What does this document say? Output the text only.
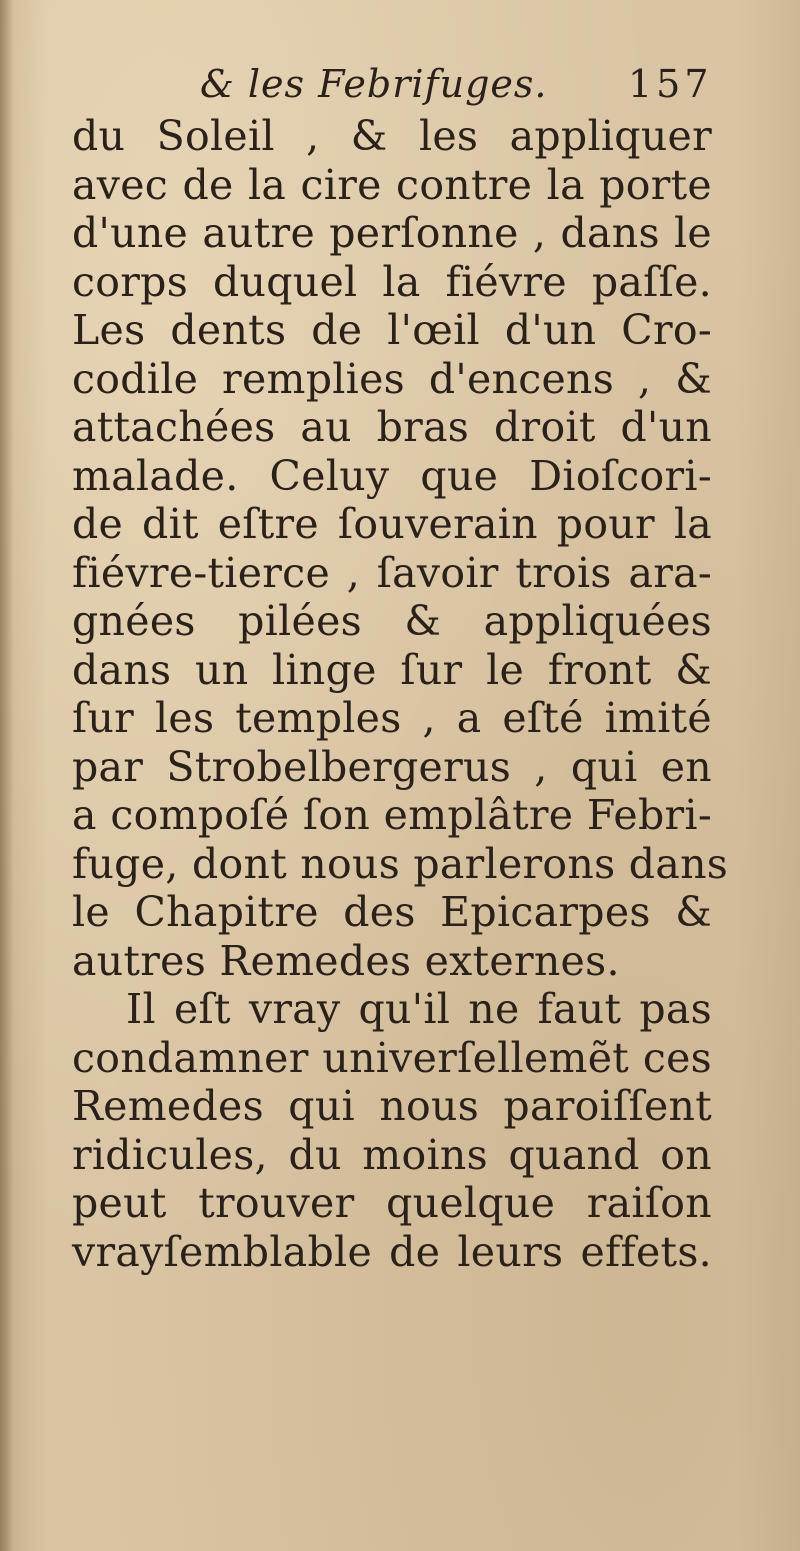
& les Febrifuges. 157
du Soleil , & les appliquer
avec de la cire contre la porte
d'une autre perſonne , dans le
corps duquel la fiévre paſſe.
Les dents de l'œil d'un Cro-
codile remplies d'encens , &
attachées au bras droit d'un
malade. Celuy que Dioſcori-
de dit eſtre ſouverain pour la
fiévre-tierce , ſavoir trois ara-
gnées pilées & appliquées
dans un linge ſur le front &
ſur les temples , a eſté imité
par Strobelbergerus , qui en
a compoſé ſon emplâtre Febri-
fuge, dont nous parlerons dans
le Chapitre des Epicarpes &
autres Remedes externes.
Il eſt vray qu'il ne faut pas
condamner univerſellemẽt ces
Remedes qui nous paroiſſent
ridicules, du moins quand on
peut trouver quelque raiſon
vrayſemblable de leurs effets.
